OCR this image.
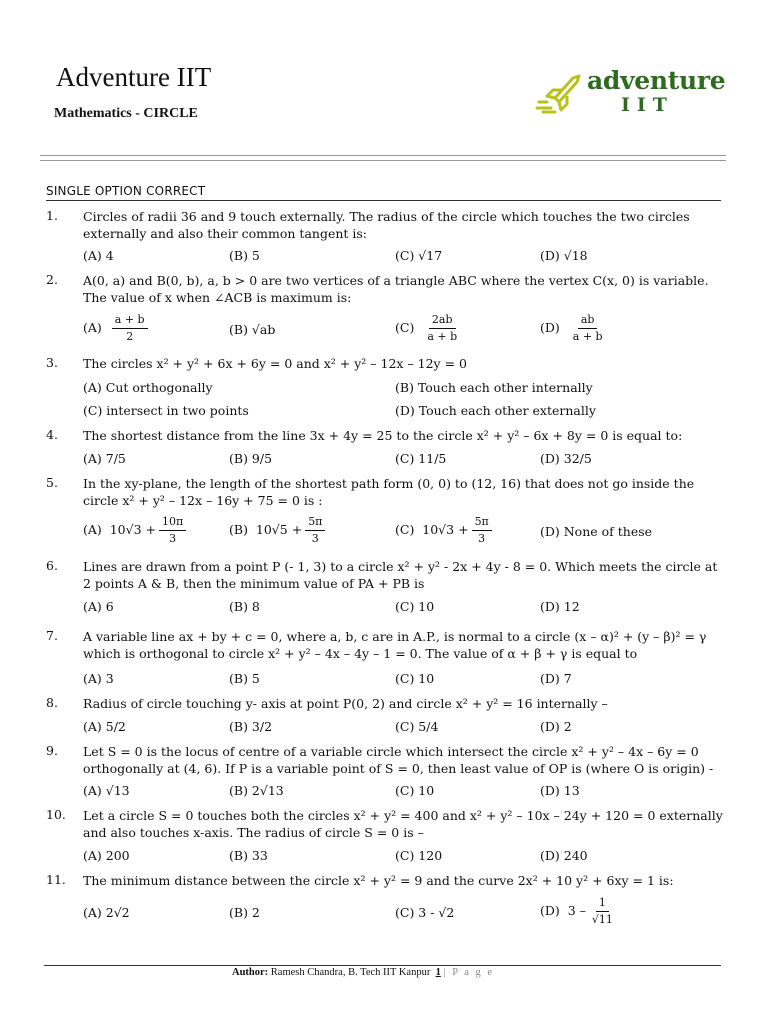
Adventure IIT
Mathematics - CIRCLE
adventure
IIT
SINGLE OPTION CORRECT
1. Circles of radii 36 and 9 touch externally. The radius of the circle which touches the two circles externally and also their common tangent is:
(A) 4	(B) 5	(C) √17	(D) √18
2. A(0, a) and B(0, b), a, b > 0 are two vertices of a triangle ABC where the vertex C(x, 0) is variable. The value of x when ∠ACB is maximum is:
$(A) \frac{a + b}{2}$	(B) √ab	$(C) \frac{2ab}{a + b}$	$(D) \frac{ab}{a + b}$
3. The circles x² + y² + 6x + 6y = 0 and x² + y² – 12x – 12y = 0
(A) Cut orthogonally	(B) Touch each other internally
(C) intersect in two points	(D) Touch each other externally
4. The shortest distance from the line 3x + 4y = 25 to the circle x² + y² – 6x + 8y = 0 is equal to:
(A) 7/5	(B) 9/5	(C) 11/5	(D) 32/5
5. In the xy-plane, the length of the shortest path form (0, 0) to (12, 16) that does not go inside the circle x² + y² – 12x – 16y + 75 = 0 is :
(A) $10√3 + \frac{10\pi}{3}$	(B) $10√5 + \frac{5\pi}{3}$	(C) $10√3 + \frac{5\pi}{3}$	(D) None of these
6. Lines are drawn from a point P (- 1, 3) to a circle x² + y² - 2x + 4y - 8 = 0. Which meets the circle at 2 points A & B, then the minimum value of PA + PB is
(A) 6	(B) 8	(C) 10	(D) 12
7. A variable line ax + by + c = 0, where a, b, c are in A.P., is normal to a circle (x – α)² + (y – β)² = γ which is orthogonal to circle x² + y² – 4x – 4y – 1 = 0. The value of α + β + γ is equal to
(A) 3	(B) 5	(C) 10	(D) 7
8. Radius of circle touching y- axis at point P(0, 2) and circle x² + y² = 16 internally –
(A) 5/2	(B) 3/2	(C) 5/4	(D) 2
9. Let S = 0 is the locus of centre of a variable circle which intersect the circle x² + y² – 4x – 6y = 0 orthogonally at (4, 6). If P is a variable point of S = 0, then least value of OP is (where O is origin) -
(A) √13	(B) 2√13	(C) 10	(D) 13
10. Let a circle S = 0 touches both the circles x² + y² = 400 and x² + y² – 10x – 24y + 120 = 0 externally and also touches x-axis. The radius of circle S = 0 is –
(A) 200	(B) 33	(C) 120	(D) 240
11. The minimum distance between the circle x² + y² = 9 and the curve 2x² + 10 y² + 6xy = 1 is:
(A) 2√2	(B) 2	(C) 3 - √2	(D) $3 - \frac{1}{√11}$
Author: Ramesh Chandra, B. Tech IIT Kanpur 1 | P a g e
